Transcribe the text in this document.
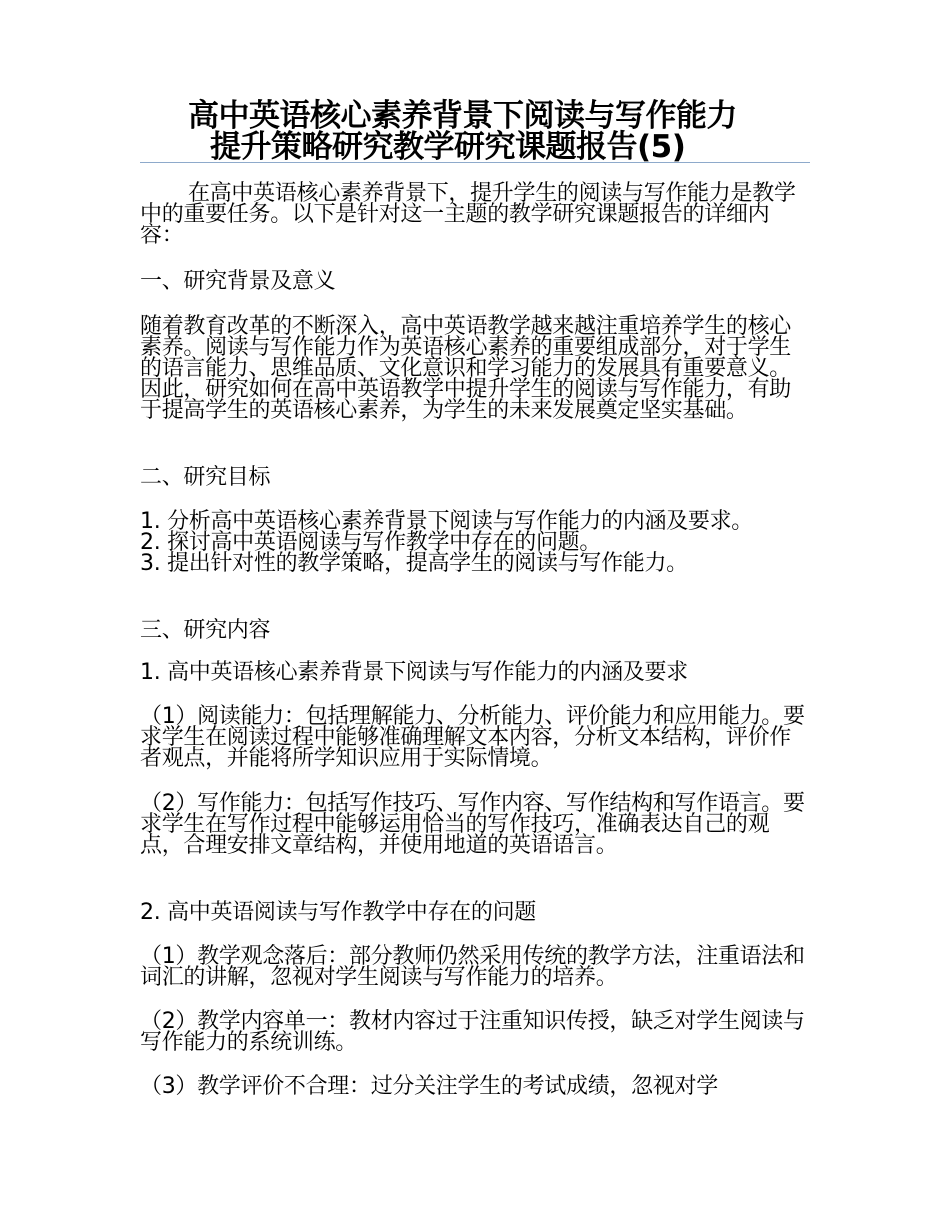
高中英语核心素养背景下阅读与写作能力
提升策略研究教学研究课题报告(5)
在高中英语核心素养背景下，提升学生的阅读与写作能力是教学中的重要任务。以下是针对这一主题的教学研究课题报告的详细内容：
一、研究背景及意义
随着教育改革的不断深入，高中英语教学越来越注重培养学生的核心素养。阅读与写作能力作为英语核心素养的重要组成部分，对于学生的语言能力、思维品质、文化意识和学习能力的发展具有重要意义。因此，研究如何在高中英语教学中提升学生的阅读与写作能力，有助于提高学生的英语核心素养，为学生的未来发展奠定坚实基础。
二、研究目标

1. 分析高中英语核心素养背景下阅读与写作能力的内涵及要求。

2. 探讨高中英语阅读与写作教学中存在的问题。

3. 提出针对性的教学策略，提高学生的阅读与写作能力。

三、研究内容
1. 高中英语核心素养背景下阅读与写作能力的内涵及要求
（1）阅读能力：包括理解能力、分析能力、评价能力和应用能力。要求学生在阅读过程中能够准确理解文本内容，分析文本结构，评价作者观点，并能将所学知识应用于实际情境。
（2）写作能力：包括写作技巧、写作内容、写作结构和写作语言。要求学生在写作过程中能够运用恰当的写作技巧，准确表达自己的观点，合理安排文章结构，并使用地道的英语语言。
2. 高中英语阅读与写作教学中存在的问题
（1）教学观念落后：部分教师仍然采用传统的教学方法，注重语法和词汇的讲解，忽视对学生阅读与写作能力的培养。
（2）教学内容单一：教材内容过于注重知识传授，缺乏对学生阅读与写作能力的系统训练。
（3）教学评价不合理：过分关注学生的考试成绩，忽视对学
